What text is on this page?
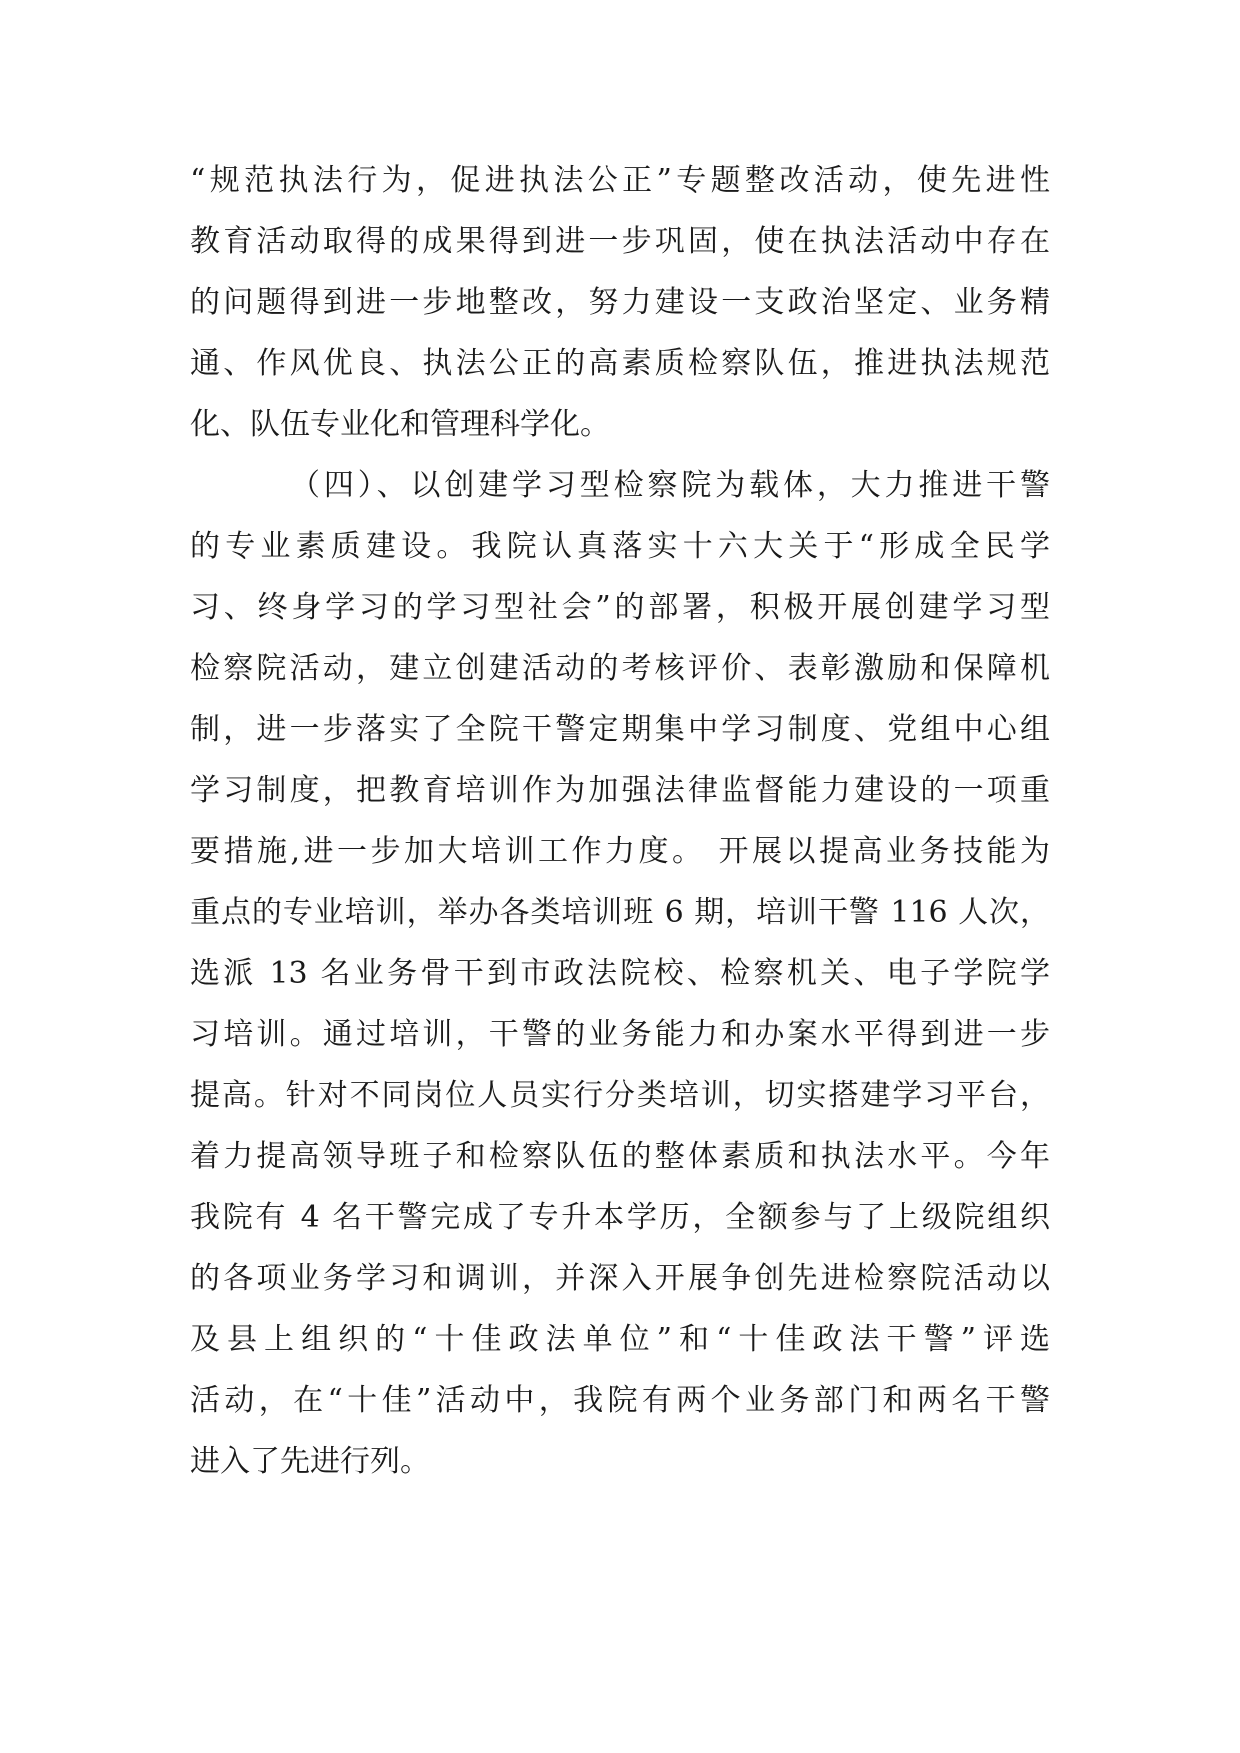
“规范执法行为，促进执法公正”专题整改活动，使先进性
教育活动取得的成果得到进一步巩固，使在执法活动中存在
的问题得到进一步地整改，努力建设一支政治坚定、业务精
通、作风优良、执法公正的高素质检察队伍，推进执法规范
化、队伍专业化和管理科学化。
（四）、以创建学习型检察院为载体，大力推进干警
的专业素质建设。我院认真落实十六大关于“形成全民学
习、终身学习的学习型社会”的部署，积极开展创建学习型
检察院活动，建立创建活动的考核评价、表彰激励和保障机
制，进一步落实了全院干警定期集中学习制度、党组中心组
学习制度，把教育培训作为加强法律监督能力建设的一项重
要措施,进一步加大培训工作力度。 开展以提高业务技能为
重点的专业培训，举办各类培训班 6 期，培训干警 116 人次，
选派 13 名业务骨干到市政法院校、检察机关、电子学院学
习培训。通过培训，干警的业务能力和办案水平得到进一步
提高。针对不同岗位人员实行分类培训，切实搭建学习平台，
着力提高领导班子和检察队伍的整体素质和执法水平。今年
我院有 4 名干警完成了专升本学历，全额参与了上级院组织
的各项业务学习和调训，并深入开展争创先进检察院活动以
及县上组织的“十佳政法单位”和“十佳政法干警”评选
活动，在“十佳”活动中，我院有两个业务部门和两名干警
进入了先进行列。
